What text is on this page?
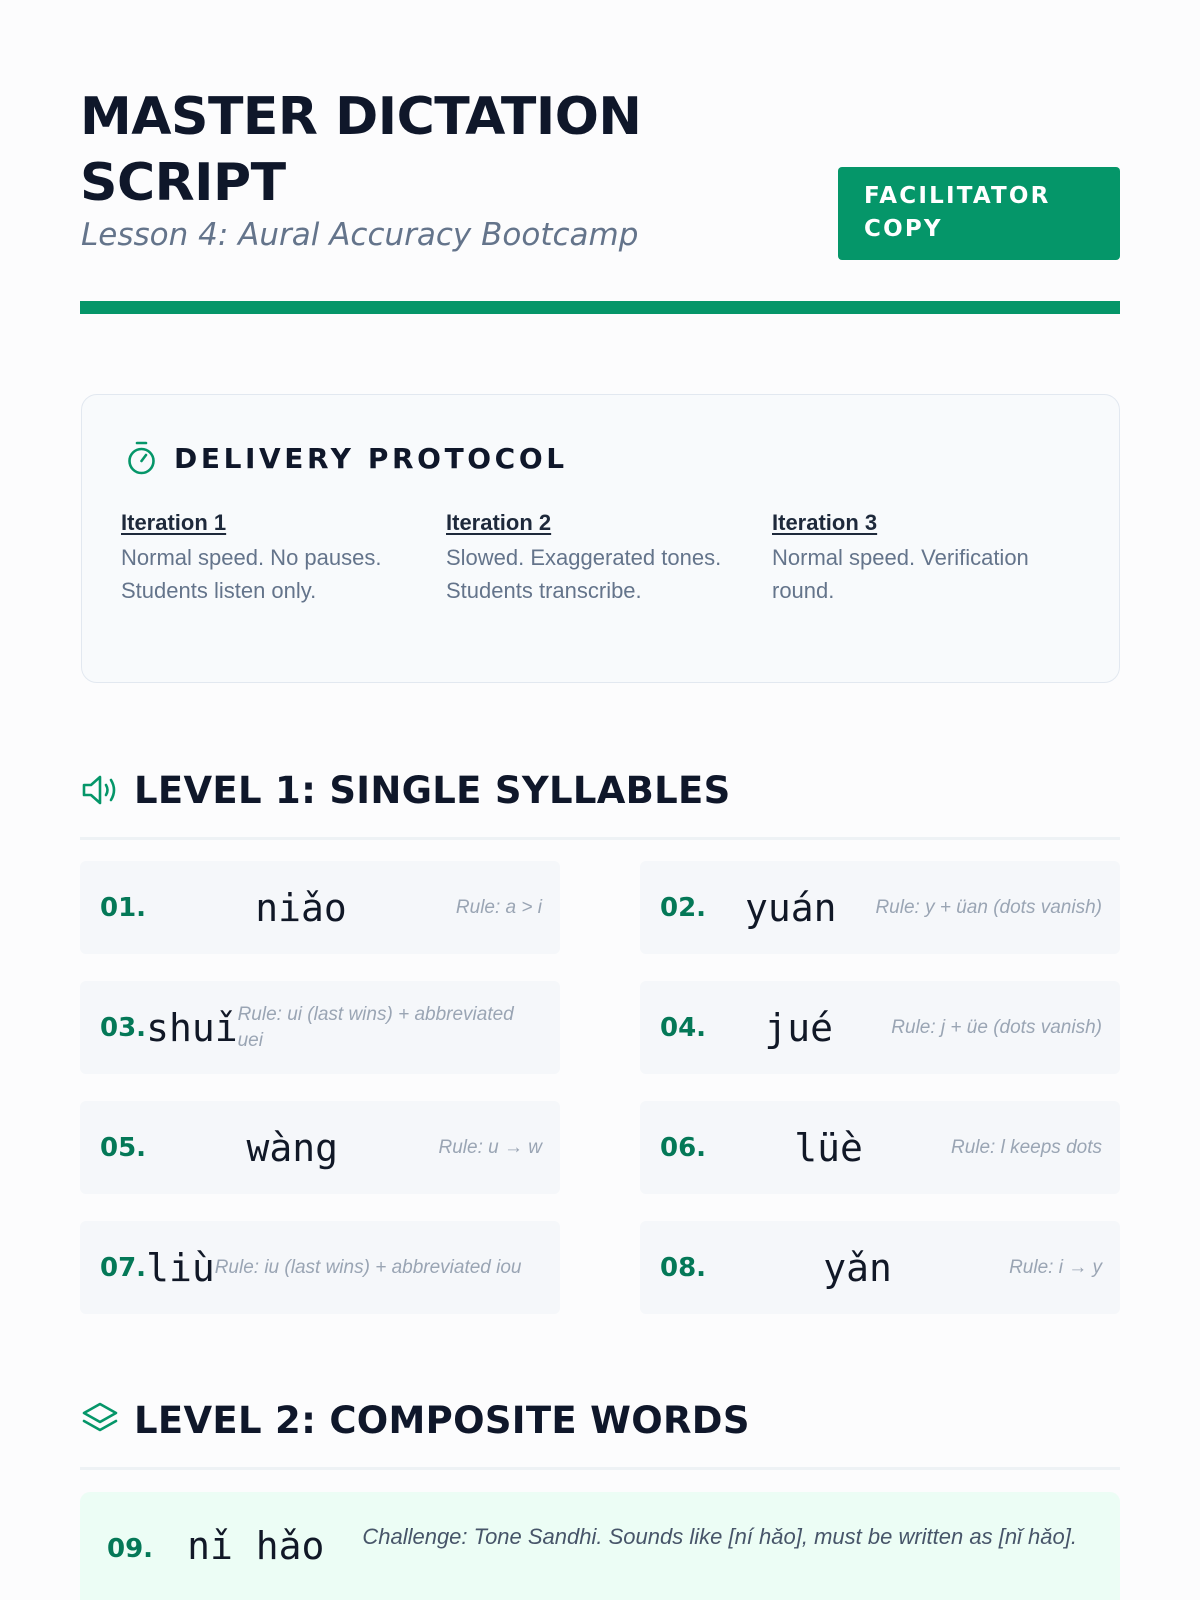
MASTER DICTATION SCRIPT
Lesson 4: Aural Accuracy Bootcamp
FACILITATOR COPY
DELIVERY PROTOCOL
Iteration 1
Normal speed. No pauses. Students listen only.
Iteration 2
Slowed. Exaggerated tones. Students transcribe.
Iteration 3
Normal speed. Verification round.
LEVEL 1: SINGLE SYLLABLES
01.	niǎo	Rule: a > i	02.	yuán	Rule: y + üan (dots vanish)
03. shuǐ Rule: ui (last wins) + abbreviated uei	04.	jué	Rule: j + üe (dots vanish)
05.	wàng	Rule: u → w	06.	lüè	Rule: l keeps dots
07. liù Rule: iu (last wins) + abbreviated iou	08.	yǎn	Rule: i → y
LEVEL 2: COMPOSITE WORDS
09. nǐ hǎo Challenge: Tone Sandhi. Sounds like [ní hǎo], must be written as [nǐ hǎo].
